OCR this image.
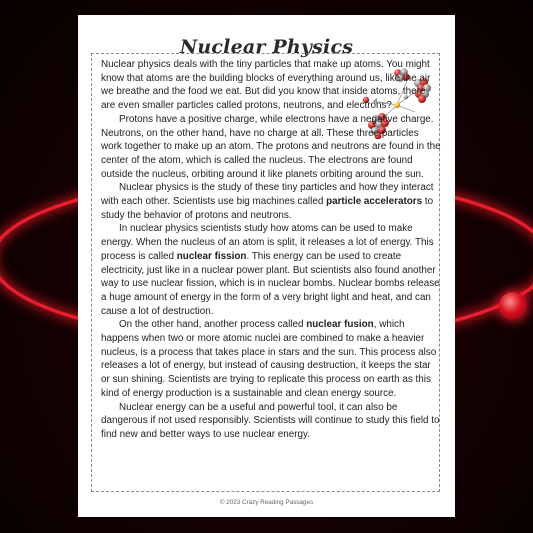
Nuclear Physics

Nuclear physics deals with the tiny particles that make up atoms. You might know that atoms are the building blocks of everything around us, like the air we breathe and the food we eat. But did you know that inside atoms, there are even smaller particles called protons, neutrons, and electrons?

Protons have a positive charge, while electrons have a negative charge. Neutrons, on the other hand, have no charge at all. These three particles work together to make up an atom. The protons and neutrons are found in the center of the atom, which is called the nucleus. The electrons are found outside the nucleus, orbiting around it like planets orbiting around the sun.

Nuclear physics is the study of these tiny particles and how they interact with each other. Scientists use big machines called particle accelerators to study the behavior of protons and neutrons.

In nuclear physics scientists study how atoms can be used to make energy. When the nucleus of an atom is split, it releases a lot of energy. This process is called nuclear fission. This energy can be used to create electricity, just like in a nuclear power plant. But scientists also found another way to use nuclear fission, which is in nuclear bombs. Nuclear bombs release a huge amount of energy in the form of a very bright light and heat, and can cause a lot of destruction.

On the other hand, another process called nuclear fusion, which happens when two or more atomic nuclei are combined to make a heavier nucleus, is a process that takes place in stars and the sun. This process also releases a lot of energy, but instead of causing destruction, it keeps the star or sun shining. Scientists are trying to replicate this process on earth as this kind of energy production is a sustainable and clean energy source.

Nuclear energy can be a useful and powerful tool, it can also be dangerous if not used responsibly. Scientists will continue to study this field to find new and better ways to use nuclear energy.

© 2023 Crazy Reading Passages
